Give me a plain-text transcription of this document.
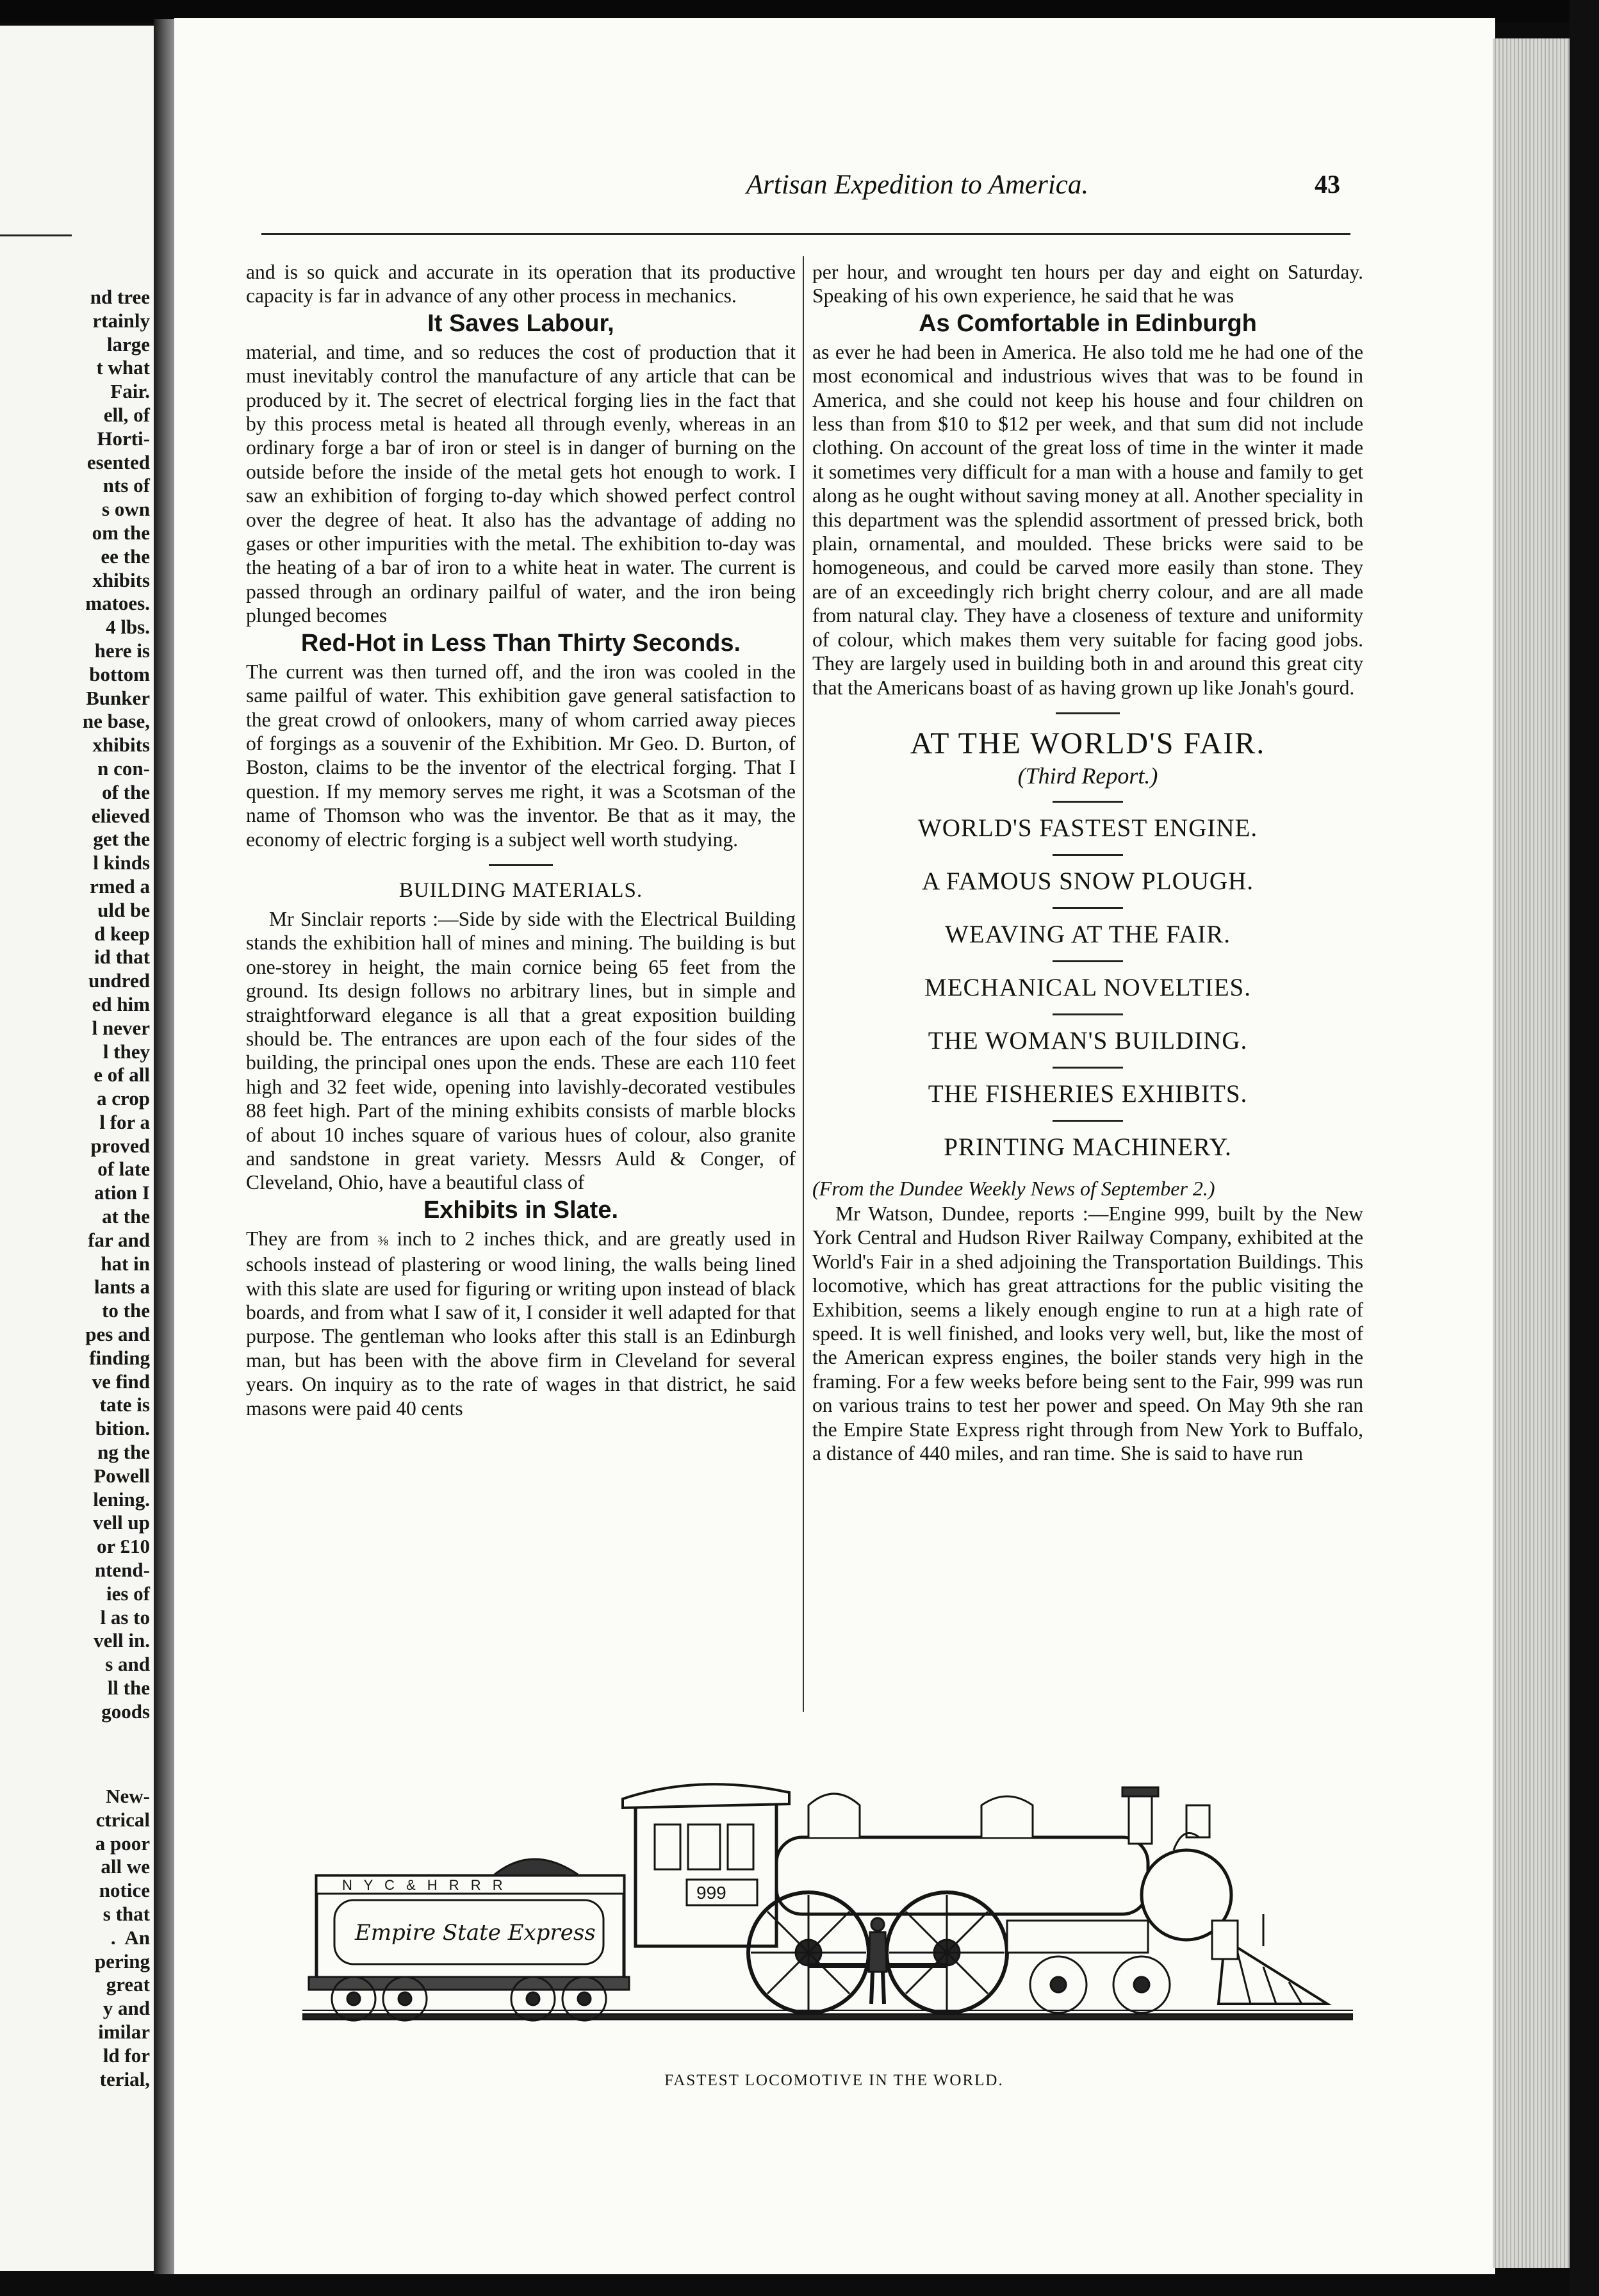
nd tree
rtainly
large
t what
Fair.
ell, of
Horti-
esented
nts of
s own
om the
ee the
xhibits
matoes.
4 lbs.
here is
bottom
Bunker
ne base,
xhibits
n con-
of the
elieved
get the
l kinds
rmed a
uld be
d keep
id that
undred
ed him
l never
l they
e of all
a crop
l for a
proved
of late
ation I
at the
far and
hat in
lants a
to the
pes and
finding
ve find
tate is
bition.
ng the
Powell
lening.
vell up
or £10
ntend-
ies of
l as to
vell in.
s and
ll the
goods
New-
ctrical
a poor
all we
notice
s that
.  An
pering
great
y and
imilar
ld for
terial,
Artisan Expedition to America.	43

and is so quick and accurate in its operation that its productive capacity is far in advance of any other process in mechanics.

It Saves Labour,

material, and time, and so reduces the cost of production that it must inevitably control the manufacture of any article that can be produced by it. The secret of electrical forging lies in the fact that by this process metal is heated all through evenly, whereas in an ordinary forge a bar of iron or steel is in danger of burning on the outside before the inside of the metal gets hot enough to work. I saw an exhibition of forging to-day which showed perfect control over the degree of heat. It also has the advantage of adding no gases or other impurities with the metal. The exhibition to-day was the heating of a bar of iron to a white heat in water. The current is passed through an ordinary pailful of water, and the iron being plunged becomes

Red-Hot in Less Than Thirty Seconds.

The current was then turned off, and the iron was cooled in the same pailful of water. This exhibition gave general satisfaction to the great crowd of onlookers, many of whom carried away pieces of forgings as a souvenir of the Exhibition. Mr Geo. D. Burton, of Boston, claims to be the inventor of the electrical forging. That I question. If my memory serves me right, it was a Scotsman of the name of Thomson who was the inventor. Be that as it may, the economy of electric forging is a subject well worth studying.

BUILDING MATERIALS.

Mr Sinclair reports :—Side by side with the Electrical Building stands the exhibition hall of mines and mining. The building is but one-storey in height, the main cornice being 65 feet from the ground. Its design follows no arbitrary lines, but in simple and straightforward elegance is all that a great exposition building should be. The entrances are upon each of the four sides of the building, the principal ones upon the ends. These are each 110 feet high and 32 feet wide, opening into lavishly-decorated vestibules 88 feet high. Part of the mining exhibits consists of marble blocks of about 10 inches square of various hues of colour, also granite and sandstone in great variety. Messrs Auld & Conger, of Cleveland, Ohio, have a beautiful class of

Exhibits in Slate.

They are from ⅜ inch to 2 inches thick, and are greatly used in schools instead of plastering or wood lining, the walls being lined with this slate are used for figuring or writing upon instead of black boards, and from what I saw of it, I consider it well adapted for that purpose. The gentleman who looks after this stall is an Edinburgh man, but has been with the above firm in Cleveland for several years. On inquiry as to the rate of wages in that district, he said masons were paid 40 cents

per hour, and wrought ten hours per day and eight on Saturday. Speaking of his own experience, he said that he was

As Comfortable in Edinburgh

as ever he had been in America. He also told me he had one of the most economical and industrious wives that was to be found in America, and she could not keep his house and four children on less than from $10 to $12 per week, and that sum did not include clothing. On account of the great loss of time in the winter it made it sometimes very difficult for a man with a house and family to get along as he ought without saving money at all. Another speciality in this department was the splendid assortment of pressed brick, both plain, ornamental, and moulded. These bricks were said to be homogeneous, and could be carved more easily than stone. They are of an exceedingly rich bright cherry colour, and are all made from natural clay. They have a closeness of texture and uniformity of colour, which makes them very suitable for facing good jobs. They are largely used in building both in and around this great city that the Americans boast of as having grown up like Jonah's gourd.

AT THE WORLD'S FAIR.
(Third Report.)
WORLD'S FASTEST ENGINE.
A FAMOUS SNOW PLOUGH.
WEAVING AT THE FAIR.
MECHANICAL NOVELTIES.
THE WOMAN'S BUILDING.
THE FISHERIES EXHIBITS.
PRINTING MACHINERY.
(From the Dundee Weekly News of September 2.)

Mr Watson, Dundee, reports :—Engine 999, built by the New York Central and Hudson River Railway Company, exhibited at the World's Fair in a shed adjoining the Transportation Buildings. This locomotive, which has great attractions for the public visiting the Exhibition, seems a likely enough engine to run at a high rate of speed. It is well finished, and looks very well, but, like the most of the American express engines, the boiler stands very high in the framing. For a few weeks before being sent to the Fair, 999 was run on various trains to test her power and speed. On May 9th she ran the Empire State Express right through from New York to Buffalo, a distance of 440 miles, and ran time. She is said to have run

N Y C & H R R R
Empire State Express
999
FASTEST LOCOMOTIVE IN THE WORLD.
